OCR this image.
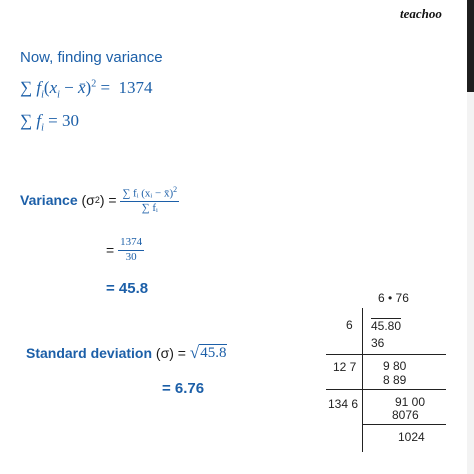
teachoo
Now, finding variance
∑ $f_i(x_i$ − x̄)$^2$ = 1374
∑ $f_i = 30$
Variance
(σ 2 )
=
$\frac{\sum fᵢ (xᵢ - x̄)^2}{\text{∑ fᵢ}}$
= $\frac{1374}{30}$
= 45.8
Standard deviation
(σ) =
√ 45.8
= 6.76
6 • 76
6 45.80
36
12 7 9 80
8 89
134 6	91 00
8076
1024
